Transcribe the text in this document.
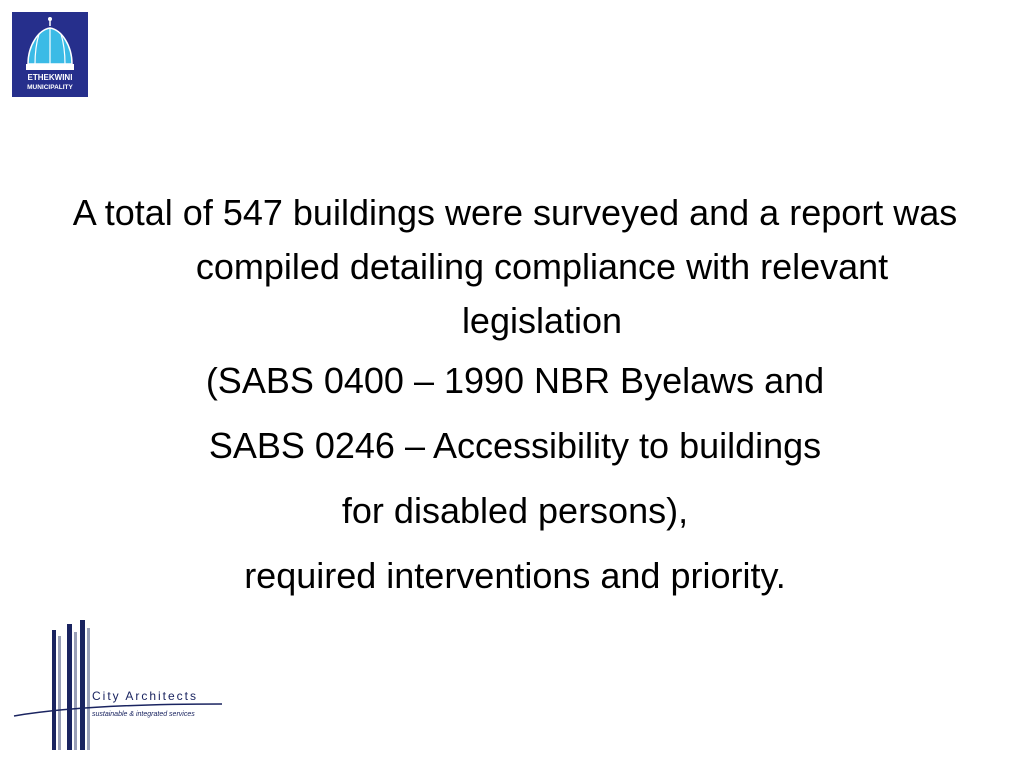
ETHEKWINI
MUNICIPALITY

A total of 547 buildings were surveyed and a report was compiled detailing compliance with relevant legislation

(SABS 0400 – 1990 NBR Byelaws and

SABS 0246 – Accessibility to buildings

for disabled persons),

required interventions and priority.

City Architects
sustainable & integrated services
